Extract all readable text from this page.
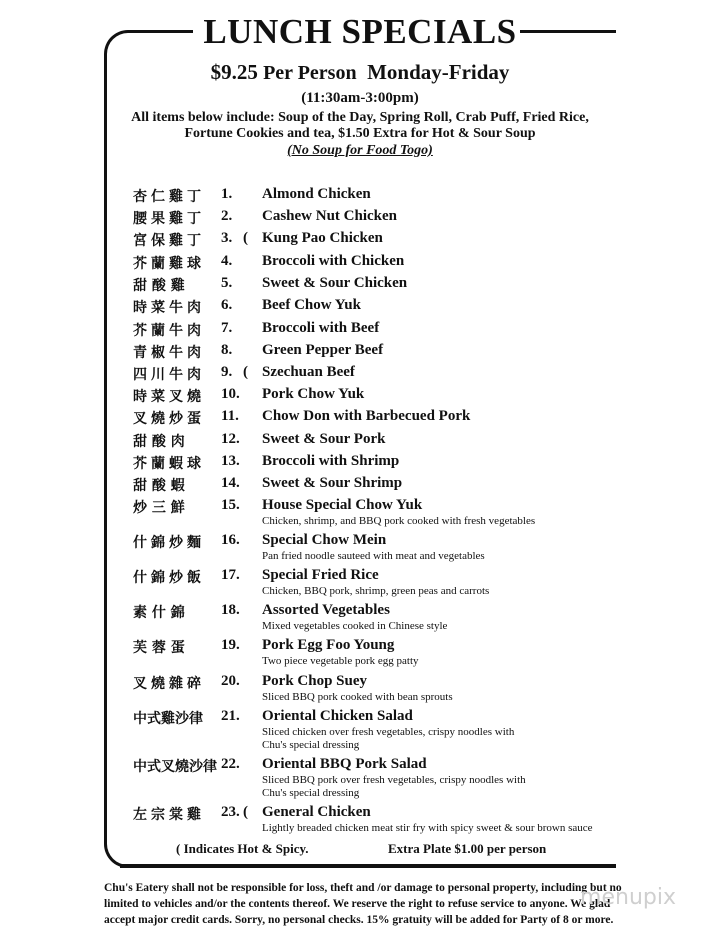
LUNCH SPECIALS
$9.25 Per Person Monday-Friday
(11:30am-3:00pm)
All items below include: Soup of the Day, Spring Roll, Crab Puff, Fried Rice,
Fortune Cookies and tea, $1.50 Extra for Hot & Sour Soup
(No Soup for Food Togo)
杏仁雞丁 1. Almond Chicken
腰果雞丁 2. Cashew Nut Chicken
宮保雞丁 3. ( Kung Pao Chicken
芥蘭雞球 4. Broccoli with Chicken
甜 酸 雞 5. Sweet & Sour Chicken
時菜牛肉 6. Beef Chow Yuk
芥蘭牛肉 7. Broccoli with Beef
青椒牛肉 8. Green Pepper Beef
四川牛肉 9. ( Szechuan Beef
時菜叉燒 10. Pork Chow Yuk
叉燒炒蛋 11. Chow Don with Barbecued Pork
甜 酸 肉 12. Sweet & Sour Pork
芥蘭蝦球 13. Broccoli with Shrimp
甜 酸 蝦 14. Sweet & Sour Shrimp
炒 三 鮮 15. House Special Chow Yuk
Chicken, shrimp, and BBQ pork cooked with fresh vegetables
什錦炒麵 16. Special Chow Mein
Pan fried noodle sauteed with meat and vegetables
什錦炒飯 17. Special Fried Rice
Chicken, BBQ pork, shrimp, green peas and carrots
素 什 錦 18. Assorted Vegetables
Mixed vegetables cooked in Chinese style
芙 蓉 蛋 19. Pork Egg Foo Young
Two piece vegetable pork egg patty
叉燒雜碎 20. Pork Chop Suey
Sliced BBQ pork cooked with bean sprouts
中式雞沙律 21. Oriental Chicken Salad
Sliced chicken over fresh vegetables, crispy noodles with
Chu's special dressing
中式叉燒沙律 22. Oriental BBQ Pork Salad
Sliced BBQ pork over fresh vegetables, crispy noodles with
Chu's special dressing
左宗棠雞 23. ( General Chicken
Lightly breaded chicken meat stir fry with spicy sweet & sour brown sauce
( Indicates Hot & Spicy.	Extra Plate $1.00 per person
Chu's Eatery shall not be responsible for loss, theft and /or damage to personal property, including but no
limited to vehicles and/or the contents thereof. We reserve the right to refuse service to anyone. We glad
accept major credit cards. Sorry, no personal checks. 15% gratuity will be added for Party of 8 or more.
menupix
